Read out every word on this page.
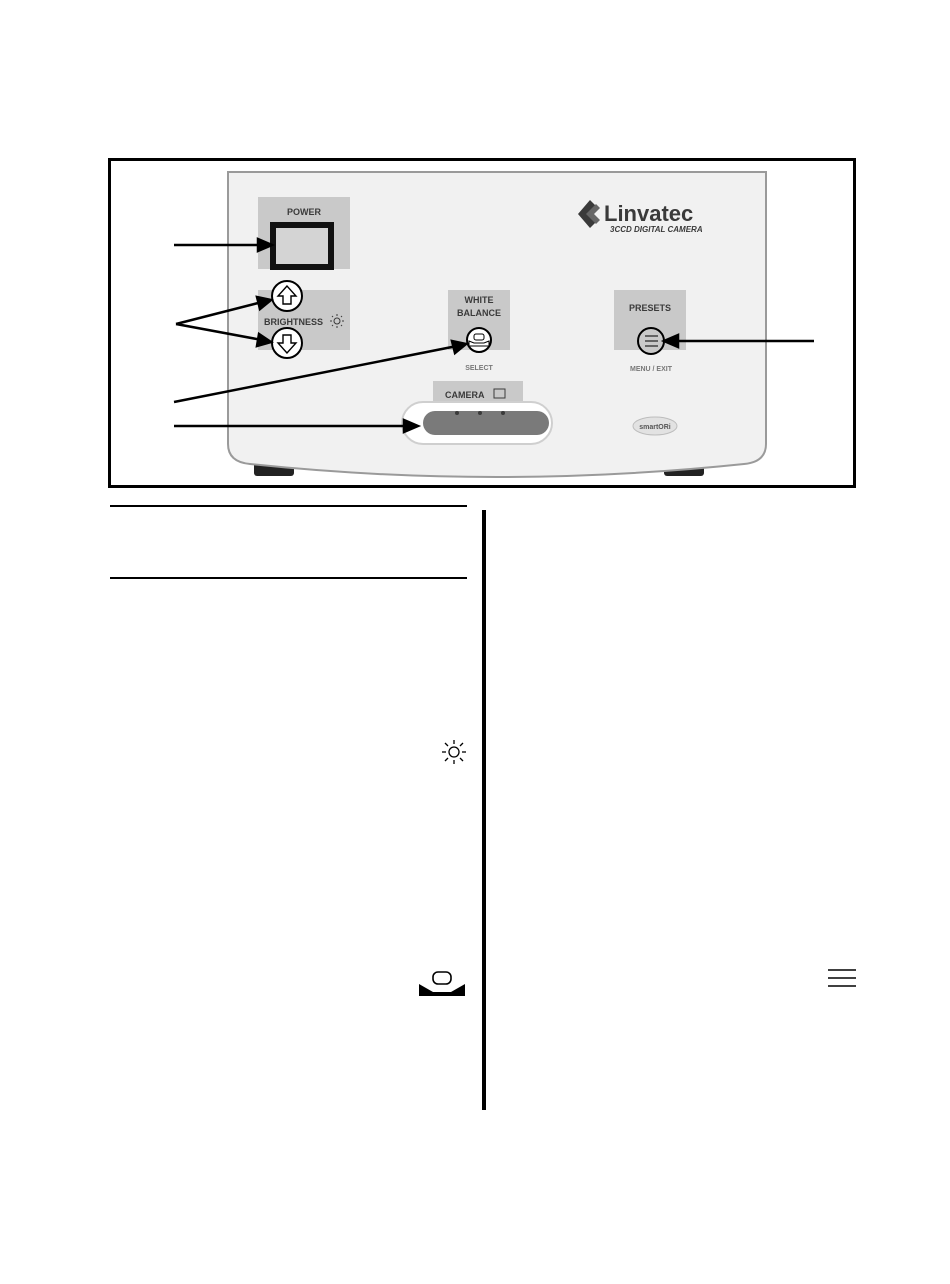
Linvatec
3CCD DIGITAL CAMERA
POWER
BRIGHTNESS
WHITE
BALANCE
SELECT
PRESETS
MENU / EXIT
CAMERA
smartORi
